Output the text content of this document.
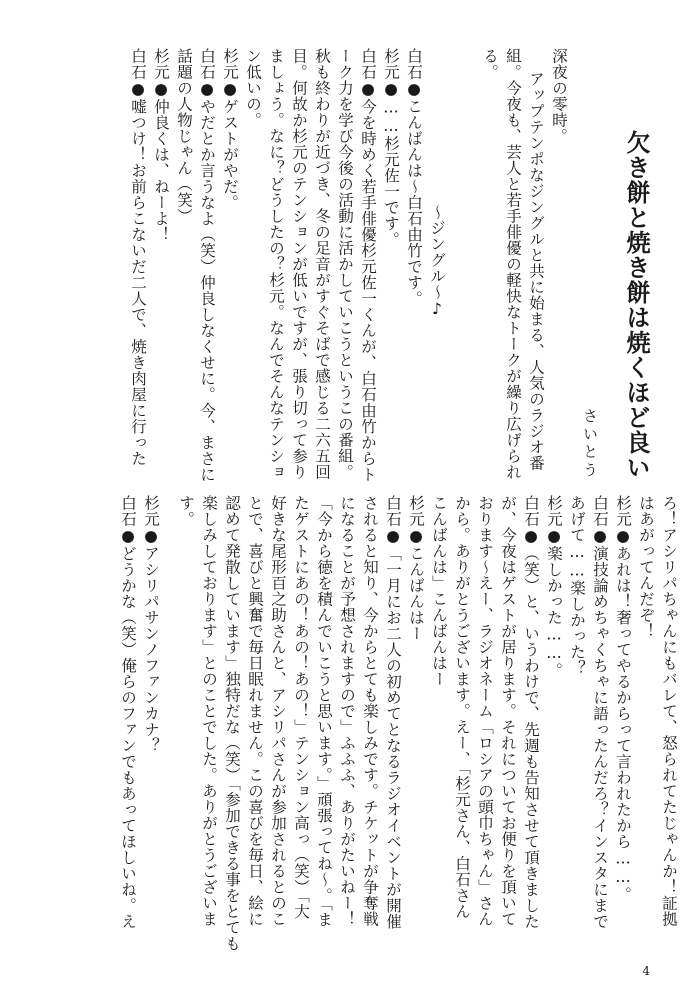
欠き餅と焼き餅は焼くほど良い
さいとう
深夜の零時。
アップテンポなジングルと共に始まる、人気のラジオ番
組。今夜も、芸人と若手俳優の軽快なトークが繰り広げられ
る。
～ジングル～♪
白石●こんばんは～白石由竹です。
杉元●……杉元佐一です。
白石●今を時めく若手俳優杉元佐一くんが、白石由竹からト
ーク力を学び今後の活動に活かしていこうというこの番組。
秋も終わりが近づき、冬の足音がすぐそばで感じる二六五回
目。何故か杉元のテンションが低いですが、張り切って参り
ましょう。なに？どうしたの？杉元。なんでそんなテンショ
ン低いの。
杉元●ゲストがやだ。
白石●やだとか言うなよ（笑）仲良しなくせに。今、まさに
話題の人物じゃん（笑）
杉元●仲良くは、ねーよ！
白石●嘘つけ！お前らこないだ二人で、焼き肉屋に行った
ろ！アシリパちゃんにもバレて、怒られてたじゃんか！証拠
はあがってんだぞ！
杉元●あれは！奢ってやるからって言われたから……。
白石●演技論めちゃくちゃに語ったんだろ？インスタにまで
あげて……楽しかった？
杉元●楽しかった……。
白石●（笑）と、いうわけで、先週も告知させて頂きました
が、今夜はゲストが居ります。それについてお便りを頂いて
おります～えー、ラジオネーム「ロシアの頭巾ちゃん」さん
から。ありがとうございます。えー、「杉元さん、白石さん
こんばんは」こんばんはー
杉元●こんばんはー
白石●「一月にお二人の初めてとなるラジオイベントが開催
されると知り、今からとても楽しみです。チケットが争奪戦
になることが予想されますので」ふふふ、ありがたいねー！
「今から徳を積んでいこうと思います。」頑張ってね～。「ま
たゲストにあの！あの！あの！」テンション高っ（笑）「大
好きな尾形百之助さんと、アシリパさんが参加されるとのこ
とで、喜びと興奮で毎日眠れません。この喜びを毎日、絵に
認めて発散しています」独特だな（笑）「参加できる事をとても
楽しみしております」とのことでした。ありがとうございま
す。
杉元●アシリパサンノファンカナ？
白石●どうかな（笑）俺らのファンでもあってほしいね。え
4
